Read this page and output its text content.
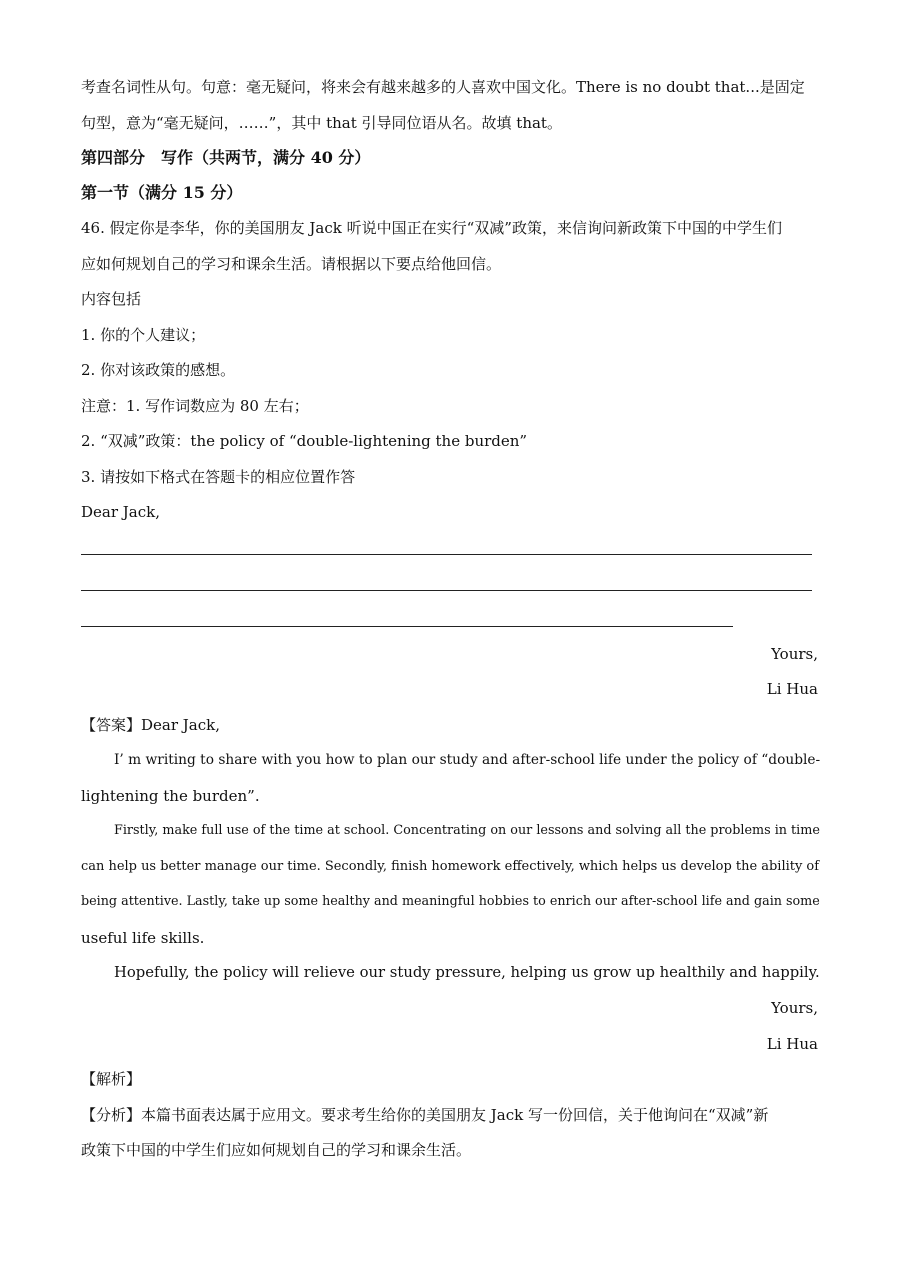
考查名词性从句。句意：毫无疑问，将来会有越来越多的人喜欢中国文化。There is no doubt that...是固定
句型，意为“毫无疑问，……”，其中 that 引导同位语从名。故填 that。
第四部分　写作（共两节，满分 40 分）
第一节（满分 15 分）
46. 假定你是李华，你的美国朋友 Jack 听说中国正在实行“双减”政策，来信询问新政策下中国的中学生们
应如何规划自己的学习和课余生活。请根据以下要点给他回信。
内容包括
1. 你的个人建议；
2. 你对该政策的感想。
注意：1. 写作词数应为 80 左右；
2. “双减”政策：the policy of “double-lightening the burden”
3. 请按如下格式在答题卡的相应位置作答
Dear Jack,
Yours,
Li Hua
【答案】Dear Jack,
I’ m writing to share with you how to plan our study and after-school life under the policy of “double-
lightening the burden”.
Firstly, make full use of the time at school. Concentrating on our lessons and solving all the problems in time
can help us better manage our time. Secondly, finish homework effectively, which helps us develop the ability of
being attentive. Lastly, take up some healthy and meaningful hobbies to enrich our after-school life and gain some
useful life skills.
Hopefully, the policy will relieve our study pressure, helping us grow up healthily and happily.
Yours,
Li Hua
【解析】
【分析】本篇书面表达属于应用文。要求考生给你的美国朋友 Jack 写一份回信，关于他询问在“双减”新
政策下中国的中学生们应如何规划自己的学习和课余生活。
